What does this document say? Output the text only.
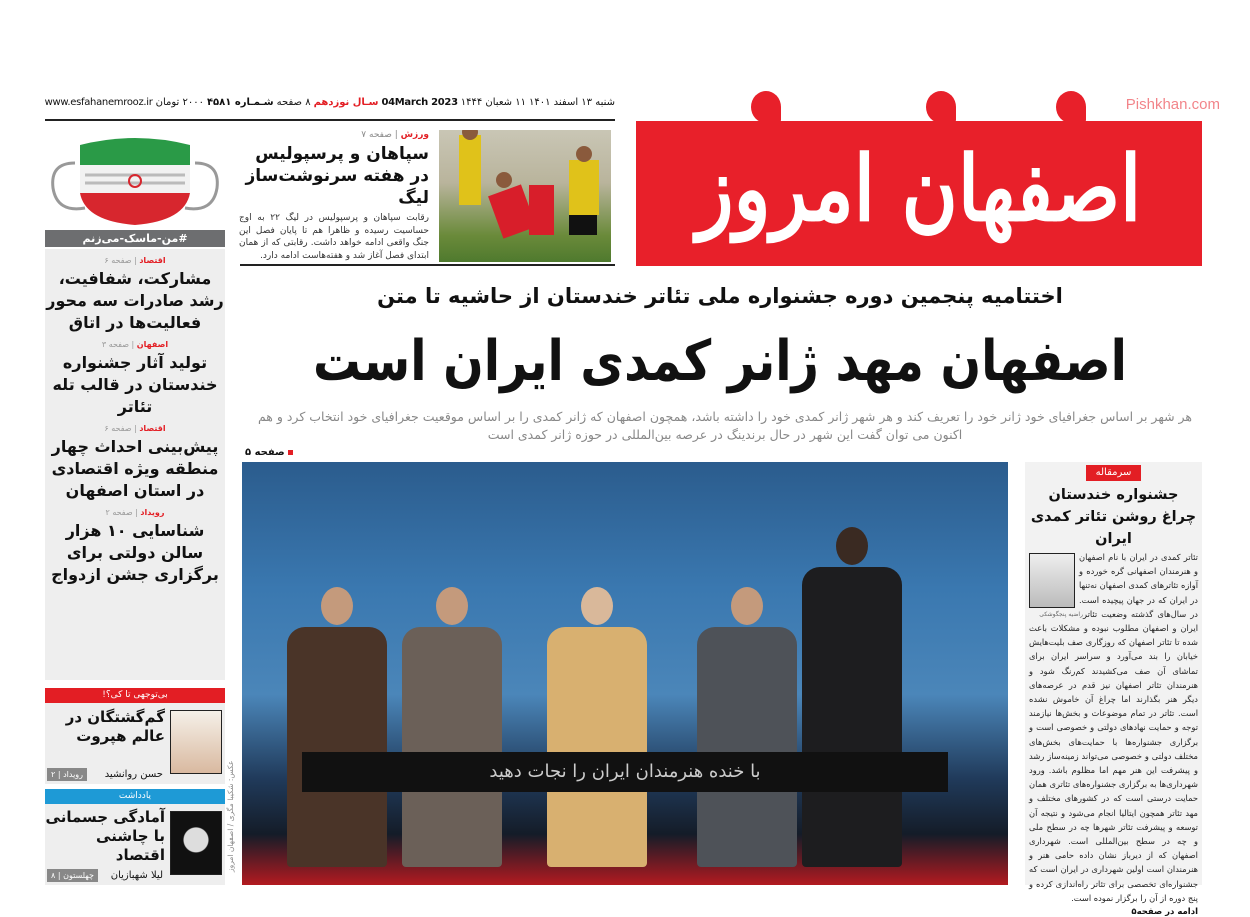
شنبه ۱۳ اسفند ۱۴۰۱
۱۱ شعبان ۱۴۴۴
04March 2023
سـال نوزدهم
۸ صفحه
شـمـاره ۴۵۸۱
۲۰۰۰ تومان
www.esfahanemrooz.ir
اصفهان امروز
Pishkhan.com
ورزش | صفحه ۷
سپاهان و پرسپولیس در هفته سرنوشت‌ساز لیگ

رقابت سپاهان و پرسپولیس در لیگ ۲۲ به اوج حساسیت رسیده و ظاهرا هم تا پایان فصل این جنگ واقعی ادامه خواهد داشت. رقابتی که از همان ابتدای فصل آغاز شد و هفته‌هاست ادامه دارد.

#من-ماسک-می‌زنم
اقتصاد | صفحه ۶
مشارکت، شفافیت، رشد صادرات سه محور فعالیت‌ها در اتاق
اصفهان | صفحه ۳
تولید آثار جشنواره خندستان در قالب تله تئاتر
اقتصاد | صفحه ۶
پیش‌بینی احداث چهار منطقه ویژه اقتصادی در استان اصفهان
رویداد | صفحه ۲
شناسایی ۱۰ هزار سالن دولتی برای برگزاری جشن ازدواج
بی‌توجهی تا کی؟!
گم‌گشتگان در عالم هپروت
حسن روانشید
رویداد | ۲
یادداشت
آمادگی جسمانی با چاشنی اقتصاد
لیلا شهبازیان
چهلستون | ۸
اختتامیه پنجمین دوره جشنواره ملی تئاتر خندستان از حاشیه تا متن
اصفهان مهد ژانر کمدی ایران است
هر شهر بر اساس جغرافیای خود ژانر خود را تعریف کند و هر شهر ژانر کمدی خود را داشته باشد، همچون اصفهان که ژانر کمدی را بر اساس موقعیت جغرافیای خود انتخاب کرد و هم اکنون می توان گفت این شهر در حال برندینگ در عرصه بین‌المللی در حوزه ژانر کمدی است
صفحه ۵
با خنده هنرمندان ایران را نجات دهید
عکس: شکیبا مگری / اصفهان امروز
سرمقاله
جشنواره خندستان چراغ روشن تئاتر کمدی ایران
راضیه پنجگوشکی

تئاتر کمدی در ایران با نام اصفهان و هنرمندان اصفهانی گره خورده و آوازه تئاترهای کمدی اصفهان نه‌تنها در ایران که در جهان پیچیده است. در سال‌های گذشته وضعیت تئاتر ایران و اصفهان مطلوب نبوده و مشکلات باعث شده تا تئاتر اصفهان که روزگاری صف بلیت‌هایش خیابان را بند می‌آورد و سراسر ایران برای تماشای آن صف می‌کشیدند کم‌رنگ شود و هنرمندان تئاتر اصفهان نیز قدم در عرصه‌های دیگر هنر بگذارند اما چراغ آن خاموش نشده است. تئاتر در تمام موضوعات و بخش‌ها نیازمند توجه و حمایت نهادهای دولتی و خصوصی است و برگزاری جشنواره‌ها با حمایت‌های بخش‌های مختلف دولتی و خصوصی می‌تواند زمینه‌ساز رشد و پیشرفت این هنر مهم اما مظلوم باشد. ورود شهرداری‌ها به برگزاری جشنواره‌های تئاتری همان حمایت درستی است که در کشورهای مختلف و مهد تئاتر همچون ایتالیا انجام می‌شود و نتیجه آن توسعه و پیشرفت تئاتر شهرها چه در سطح ملی و چه در سطح بین‌المللی است. شهرداری اصفهان که از دیرباز نشان داده حامی هنر و هنرمندان است اولین شهرداری در ایران است که جشنواره‌ای تخصصی برای تئاتر راه‌اندازی کرده و پنج دوره از آن را برگزار نموده است.

ادامه در صفحه۵
